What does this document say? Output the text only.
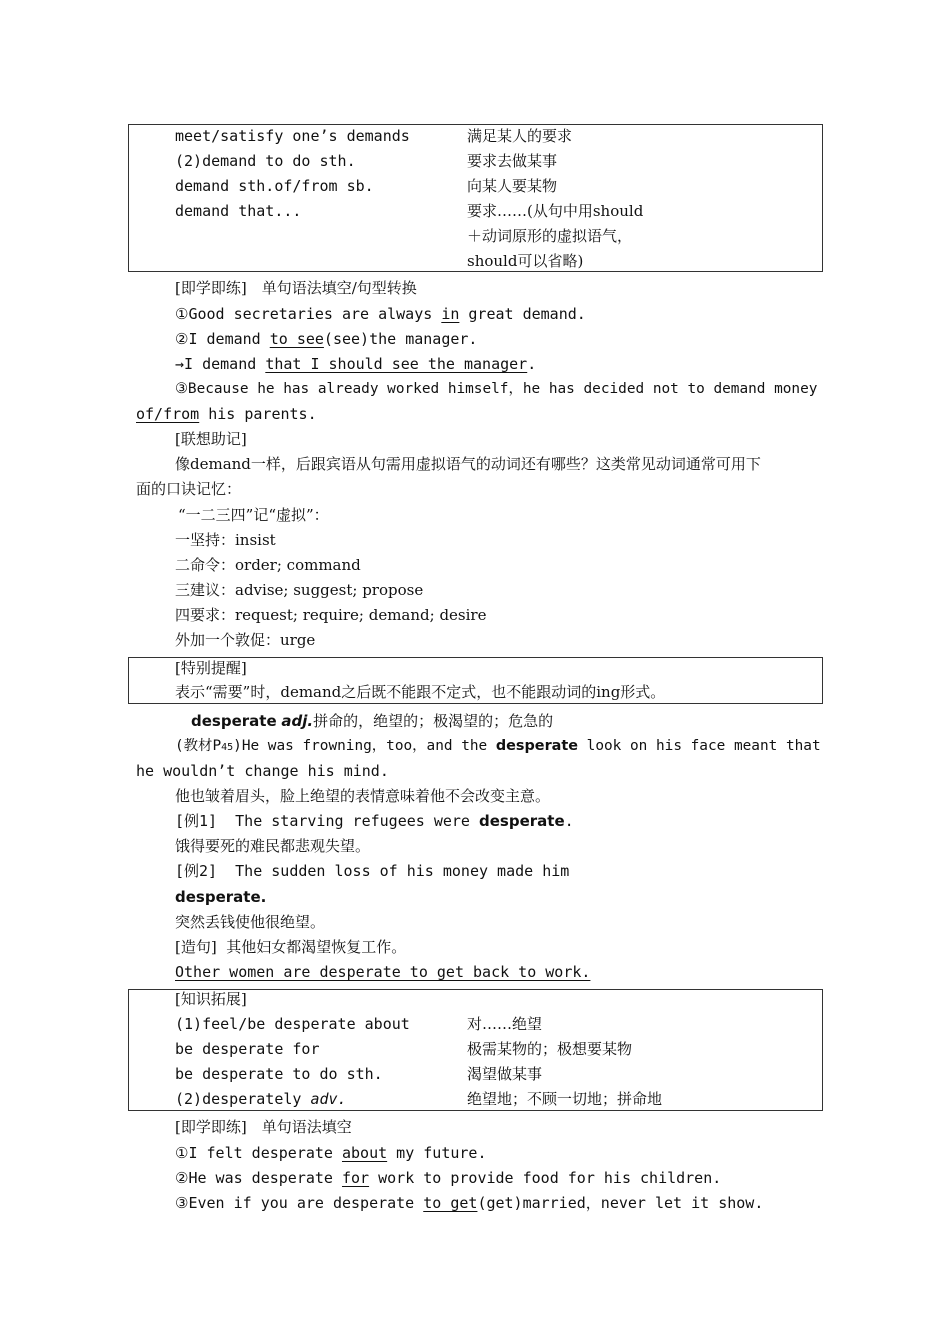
meet/satisfy one’s demands	满足某人的要求
(2)demand to do sth.	要求去做某事
demand sth.of/from sb.	向某人要某物
demand that...	要求……(从句中用should
＋动词原形的虚拟语气，
should可以省略)
[即学即练]　单句语法填空/句型转换
①Good secretaries are always in great demand.
②I demand to see(see)the manager.
→I demand that I should see the manager.
③Because he has already worked himself，he has decided not to demand money
of/from his parents.
[联想助记]
像demand一样，后跟宾语从句需用虚拟语气的动词还有哪些？这类常见动词通常可用下
面的口诀记忆：
“一二三四”记“虚拟”：
一坚持：insist
二命令：order; command
三建议：advise; suggest; propose
四要求：request; require; demand; desire
外加一个敦促：urge
[特别提醒]
表示“需要”时，demand之后既不能跟不定式，也不能跟动词的ing形式。
desperate adj.拼命的，绝望的；极渴望的；危急的
(教材P45)He was frowning，too，and the desperate look on his face meant that
he wouldn’t change his mind.
他也皱着眉头，脸上绝望的表情意味着他不会改变主意。
[例1] The starving refugees were desperate.
饿得要死的难民都悲观失望。
[例2] The sudden loss of his money made him
desperate.
突然丢钱使他很绝望。
[造句] 其他妇女都渴望恢复工作。
Other women are desperate to get back to work.
[知识拓展]
(1)feel/be desperate about	对……绝望
be desperate for	极需某物的；极想要某物
be desperate to do sth.	渴望做某事
(2)desperately adv.	绝望地；不顾一切地；拼命地
[即学即练]　单句语法填空
①I felt desperate about my future.
②He was desperate for work to provide food for his children.
③Even if you are desperate to get(get)married，never let it show.
